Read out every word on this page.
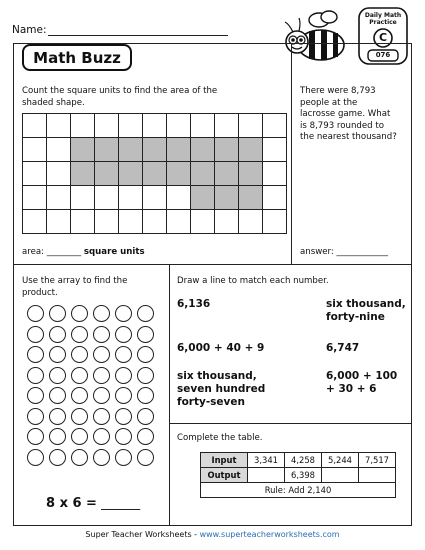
Name:
Daily Math
Practice
C
076
Math Buzz
Count the square units to find the area of the shaded shape.
area: ________ square units
There were 8,793
people at the
lacrosse game. What
is 8,793 rounded to
the nearest thousand?
answer: ____________
Use the array to find the
product.
8 x 6 = ______
Draw a line to match each number.
6,136
6,000 + 40 + 9
six thousand,
seven hundred
forty-seven
six thousand,
forty-nine
6,747
6,000 + 100
+ 30 + 6
Complete the table.
Input	3,341	4,258	5,244	7,517
Output		6,398		
Rule: Add 2,140				
Super Teacher Worksheets - www.superteacherworksheets.com
